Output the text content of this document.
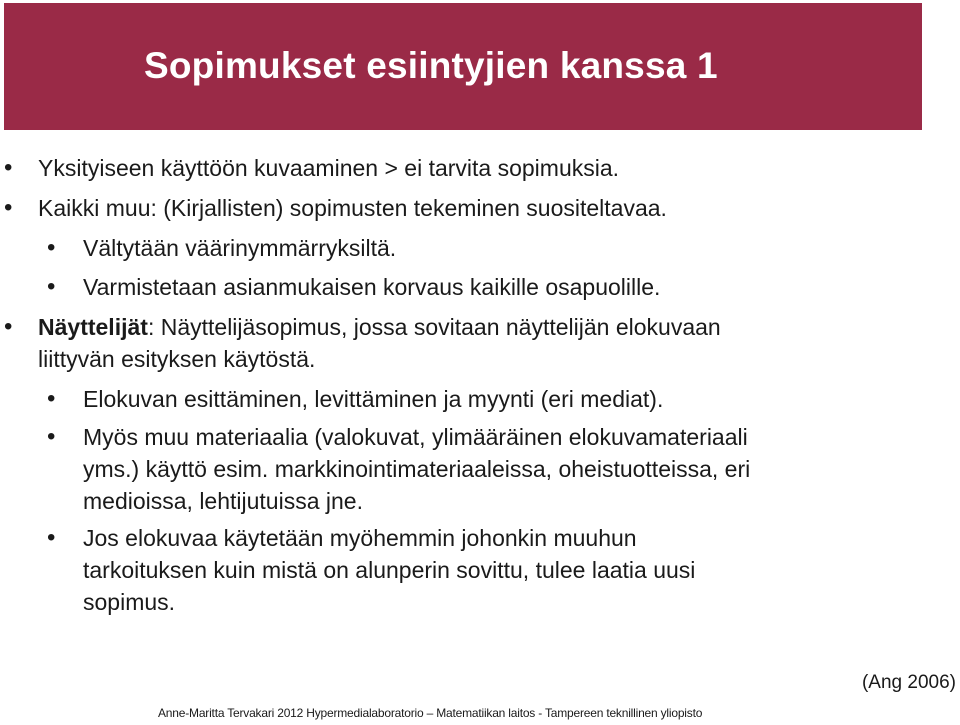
Sopimukset esiintyjien kanssa 1
• Yksityiseen käyttöön kuvaaminen > ei tarvita sopimuksia.
• Kaikki muu: (Kirjallisten) sopimusten tekeminen suositeltavaa.
• Vältytään väärinymmärryksiltä.
• Varmistetaan asianmukaisen korvaus kaikille osapuolille.
• Näyttelijät: Näyttelijäsopimus, jossa sovitaan näyttelijän elokuvaan
liittyvän esityksen käytöstä.
• Elokuvan esittäminen, levittäminen ja myynti (eri mediat).
• Myös muu materiaalia (valokuvat, ylimääräinen elokuvamateriaali
yms.) käyttö esim. markkinointimateriaaleissa, oheistuotteissa, eri
medioissa, lehtijutuissa jne.
• Jos elokuvaa käytetään myöhemmin johonkin muuhun
tarkoituksen kuin mistä on alunperin sovittu, tulee laatia uusi
sopimus.
(Ang 2006)
Anne-Maritta Tervakari 2012 Hypermedialaboratorio – Matematiikan laitos - Tampereen teknillinen yliopisto
